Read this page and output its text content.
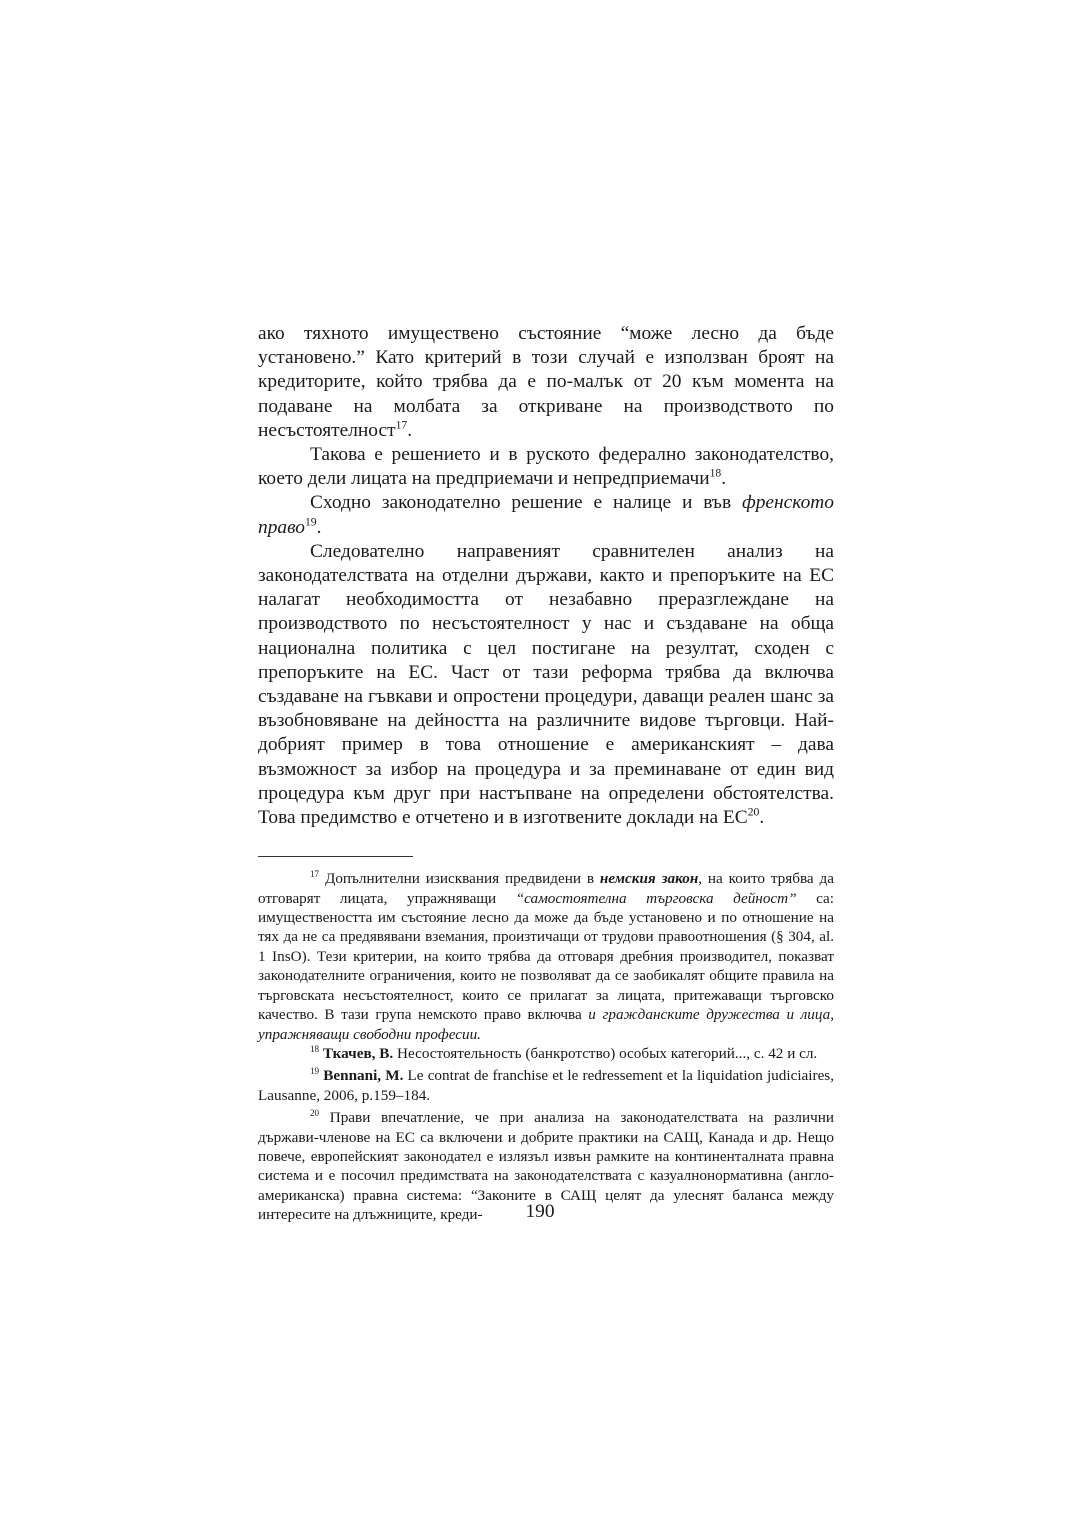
ако тяхното имуществено състояние “може лесно да бъде установено.” Като критерий в този случай е използван броят на кредиторите, който трябва да е по-малък от 20 към момента на подаване на молбата за откриване на производството по несъстоятелност$^{17}$.

Такова е решението и в руското федерално законодателство, което дели лицата на предприемачи и непредприемачи$^{18}$.

Сходно законодателно решение е налице и във френското право$^{19}$.

Следователно направеният сравнителен анализ на законодателствата на отделни държави, както и препоръките на ЕС налагат необходимостта от незабавно преразглеждане на производството по несъстоятелност у нас и създаване на обща национална политика с цел постигане на резултат, сходен с препоръките на ЕС. Част от тази реформа трябва да включва създаване на гъвкави и опростени процедури, даващи реален шанс за възобновяване на дейността на различните видове търговци. Най-добрият пример в това отношение е американският – дава възможност за избор на процедура и за преминаване от един вид процедура към друг при настъпване на определени обстоятелства. Това предимство е отчетено и в изготвените доклади на ЕС$^{20}$.

$^{17}$ Допълнителни изисквания предвидени в немския закон, на които трябва да отговарят лицата, упражняващи “самостоятелна търговска дейност” са: имуществеността им състояние лесно да може да бъде установено и по отношение на тях да не са предявявани вземания, произтичащи от трудови правоотношения (§ 304, al. 1 InsO). Тези критерии, на които трябва да отговаря дребния производител, показват законодателните ограничения, които не позволяват да се заобикалят общите правила на търговската несъстоятелност, които се прилагат за лицата, притежаващи търговско качество. В тази група немското право включва и гражданските дружества и лица, упражняващи свободни професии.

$^{18}$ Ткачев, В. Несостоятельность (банкротство) особых категорий..., с. 42 и сл.

$^{19}$ Bennani, M. Le contrat de franchise et le redressement et la liquidation judiciaires, Lausanne, 2006, p.159–184.

$^{20}$ Прави впечатление, че при анализа на законодателствата на различни държави-членове на ЕС са включени и добрите практики на САЩ, Канада и др. Нещо повече, европейският законодател е излязъл извън рамките на континенталната правна система и е посочил предимствата на законодателствата с казуалнонормативна (англо-американска) правна система: “Законите в САЩ целят да улеснят баланса между интересите на длъжниците, креди-	190
